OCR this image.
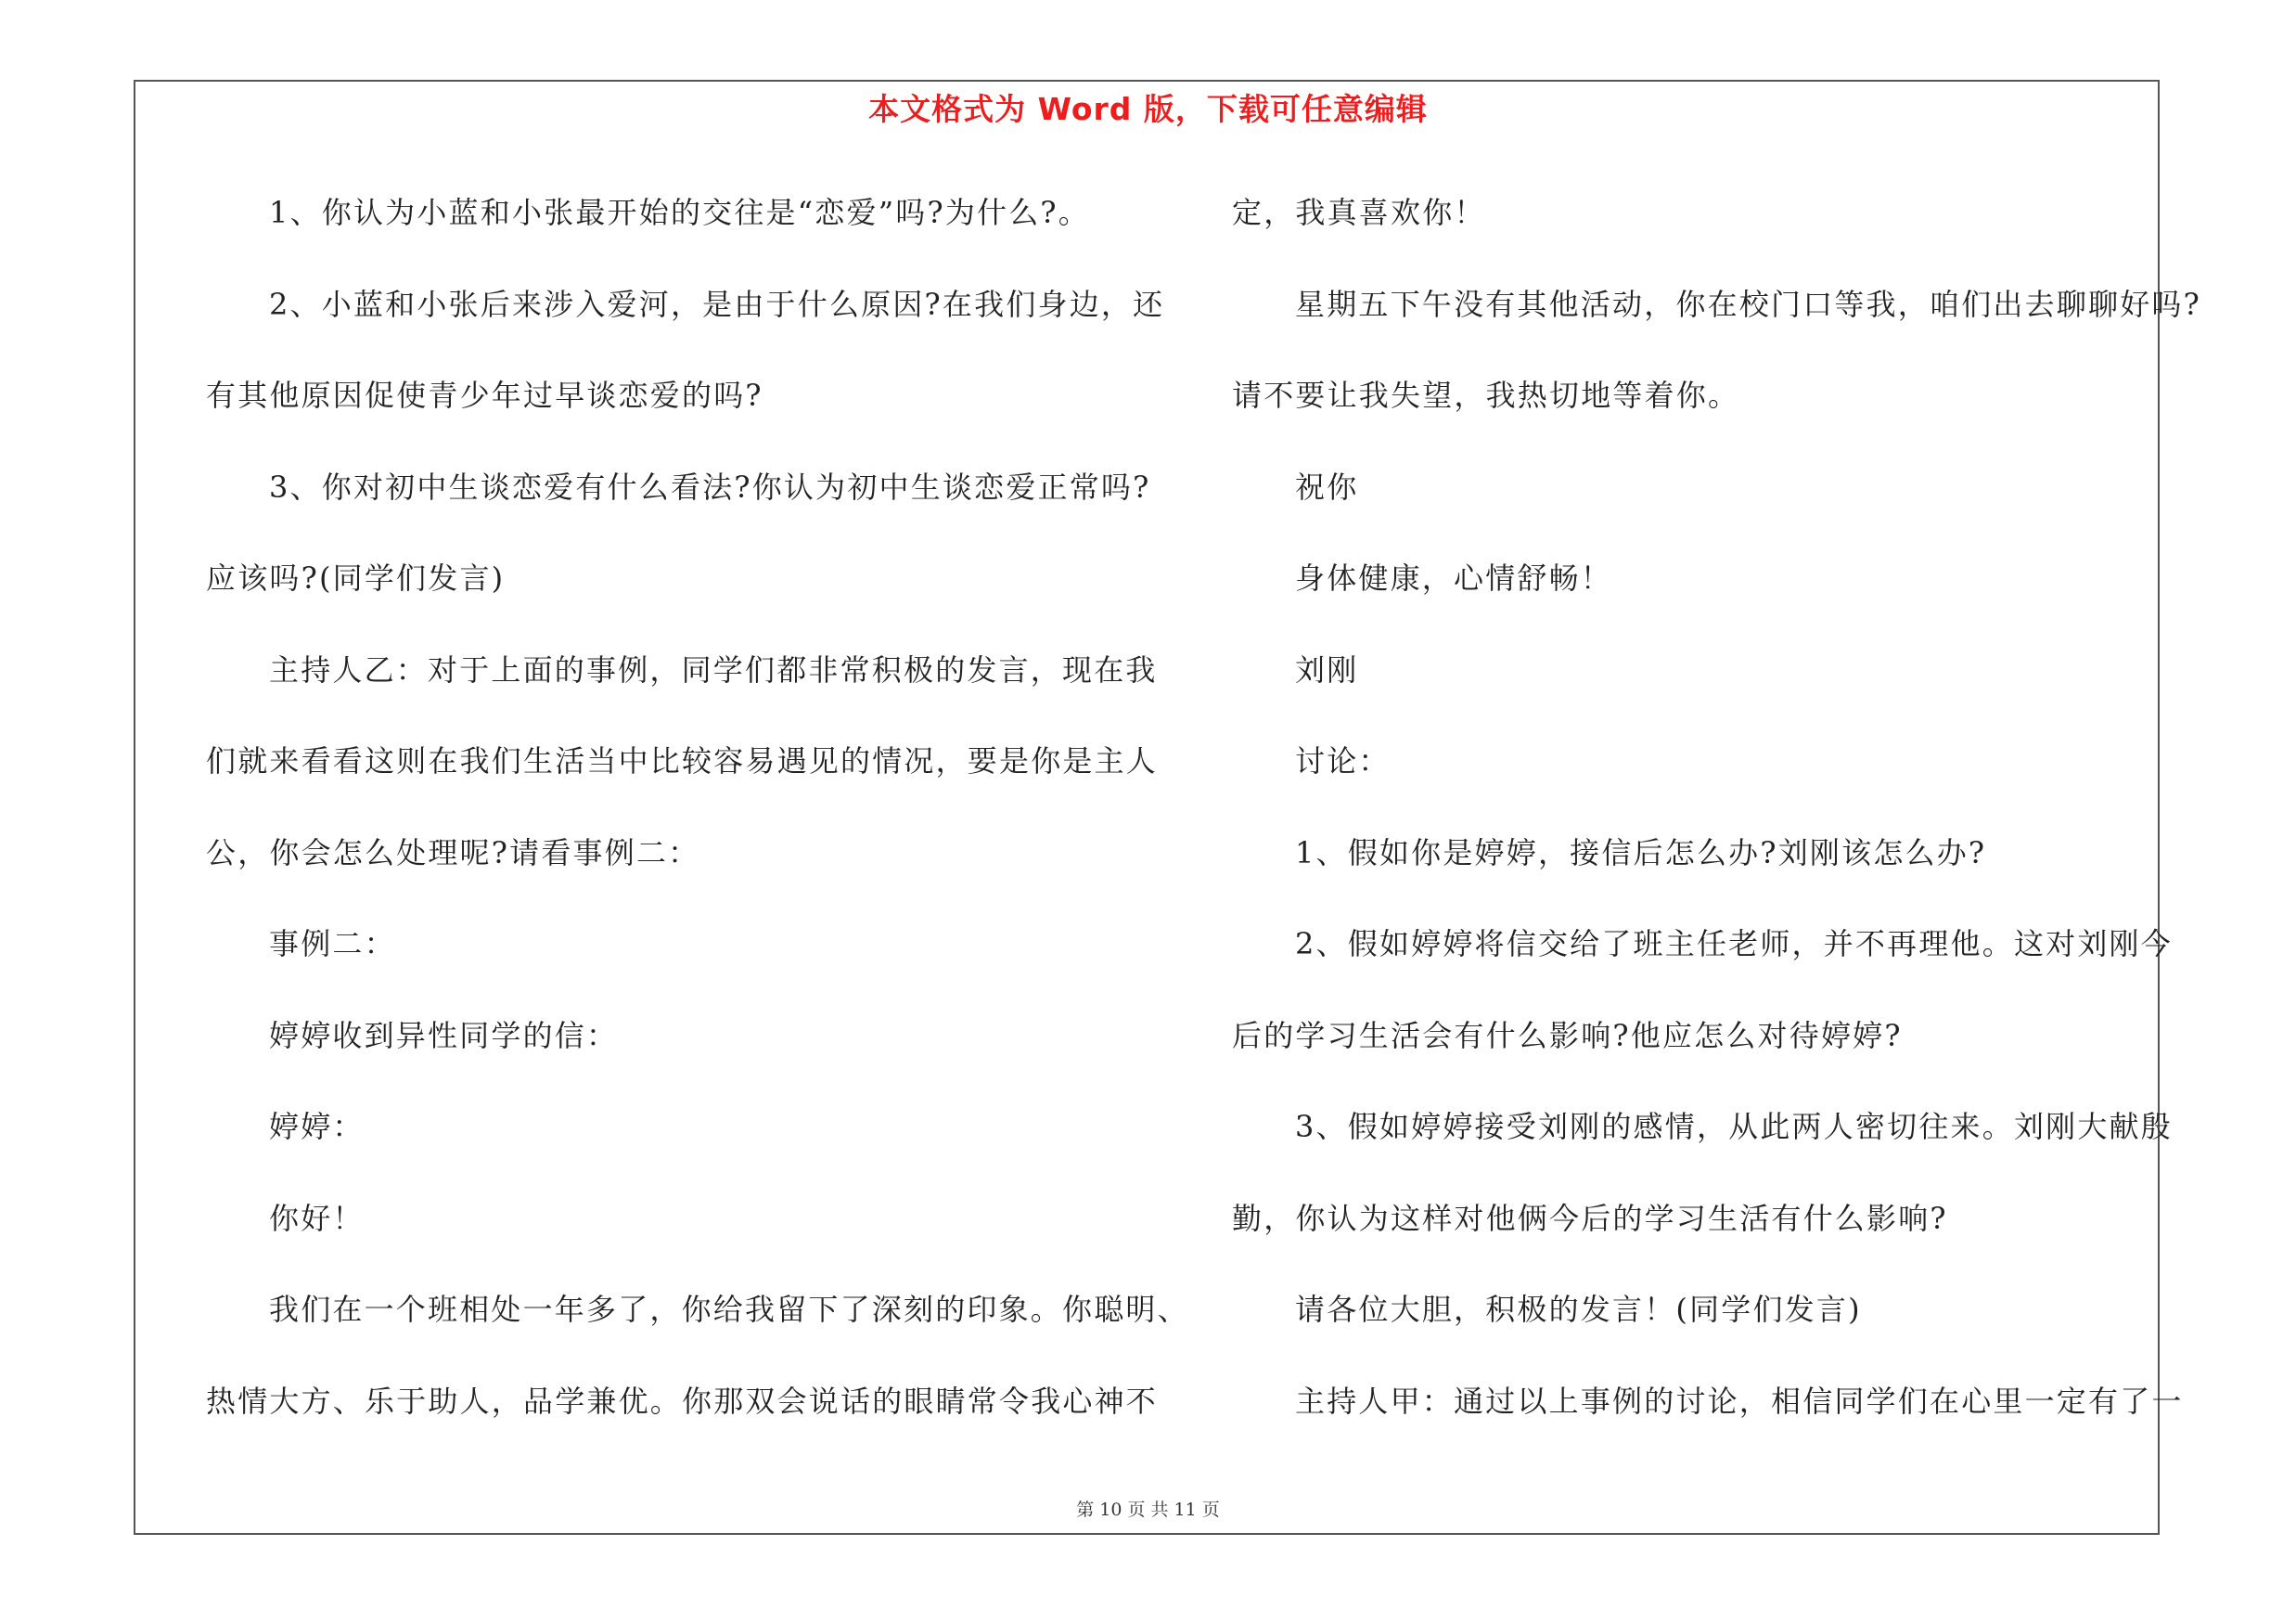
本文格式为 Word 版，下载可任意编辑
1、你认为小蓝和小张最开始的交往是“恋爱”吗?为什么?。
2、小蓝和小张后来涉入爱河，是由于什么原因?在我们身边，还
有其他原因促使青少年过早谈恋爱的吗?
3、你对初中生谈恋爱有什么看法?你认为初中生谈恋爱正常吗?
应该吗?(同学们发言)
主持人乙：对于上面的事例，同学们都非常积极的发言，现在我
们就来看看这则在我们生活当中比较容易遇见的情况，要是你是主人
公，你会怎么处理呢?请看事例二：
事例二：
婷婷收到异性同学的信：
婷婷：
你好！
我们在一个班相处一年多了，你给我留下了深刻的印象。你聪明、
热情大方、乐于助人，品学兼优。你那双会说话的眼睛常令我心神不
定，我真喜欢你！
星期五下午没有其他活动，你在校门口等我，咱们出去聊聊好吗?
请不要让我失望，我热切地等着你。
祝你
身体健康，心情舒畅！
刘刚
讨论：
1、假如你是婷婷，接信后怎么办?刘刚该怎么办?
2、假如婷婷将信交给了班主任老师，并不再理他。这对刘刚今
后的学习生活会有什么影响?他应怎么对待婷婷?
3、假如婷婷接受刘刚的感情，从此两人密切往来。刘刚大献殷
勤，你认为这样对他俩今后的学习生活有什么影响?
请各位大胆，积极的发言！(同学们发言)
主持人甲：通过以上事例的讨论，相信同学们在心里一定有了一
第 10 页 共 11 页
